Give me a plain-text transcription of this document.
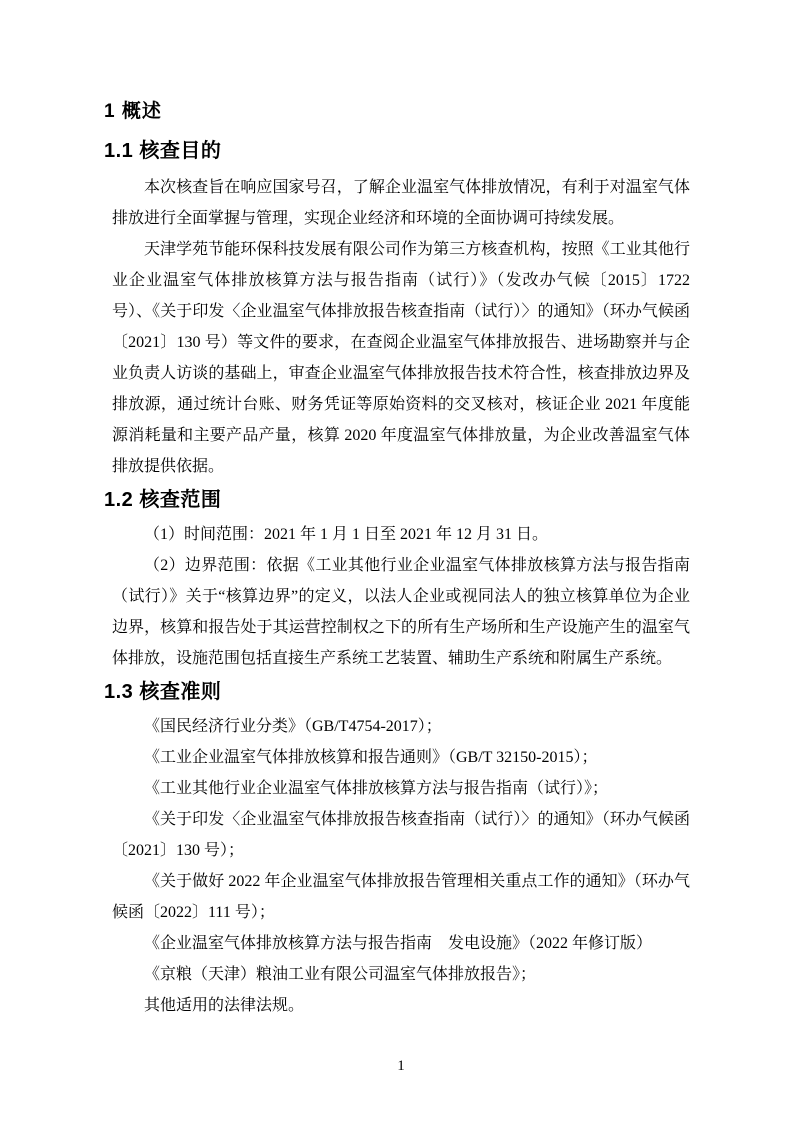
1 概述
1.1 核查目的

本次核查旨在响应国家号召，了解企业温室气体排放情况，有利于对温室气体排放进行全面掌握与管理，实现企业经济和环境的全面协调可持续发展。

天津学苑节能环保科技发展有限公司作为第三方核查机构，按照《工业其他行业企业温室气体排放核算方法与报告指南（试行）》（发改办气候〔2015〕1722 号）、《关于印发〈企业温室气体排放报告核查指南（试行）〉的通知》（环办气候函〔2021〕130 号）等文件的要求，在查阅企业温室气体排放报告、进场勘察并与企业负责人访谈的基础上，审查企业温室气体排放报告技术符合性，核查排放边界及排放源，通过统计台账、财务凭证等原始资料的交叉核对，核证企业 2021 年度能源消耗量和主要产品产量，核算 2020 年度温室气体排放量，为企业改善温室气体排放提供依据。

1.2 核查范围

（1）时间范围：2021 年 1 月 1 日至 2021 年 12 月 31 日。

（2）边界范围：依据《工业其他行业企业温室气体排放核算方法与报告指南（试行）》关于“核算边界”的定义，以法人企业或视同法人的独立核算单位为企业边界，核算和报告处于其运营控制权之下的所有生产场所和生产设施产生的温室气体排放，设施范围包括直接生产系统工艺装置、辅助生产系统和附属生产系统。

1.3 核查准则

《国民经济行业分类》（GB/T4754-2017）；

《工业企业温室气体排放核算和报告通则》（GB/T 32150-2015）；

《工业其他行业企业温室气体排放核算方法与报告指南（试行）》；

《关于印发〈企业温室气体排放报告核查指南（试行）〉的通知》（环办气候函〔2021〕130 号）；

《关于做好 2022 年企业温室气体排放报告管理相关重点工作的通知》（环办气候函〔2022〕111 号）；

《企业温室气体排放核算方法与报告指南　发电设施》（2022 年修订版）

《京粮（天津）粮油工业有限公司温室气体排放报告》；

其他适用的法律法规。

1
